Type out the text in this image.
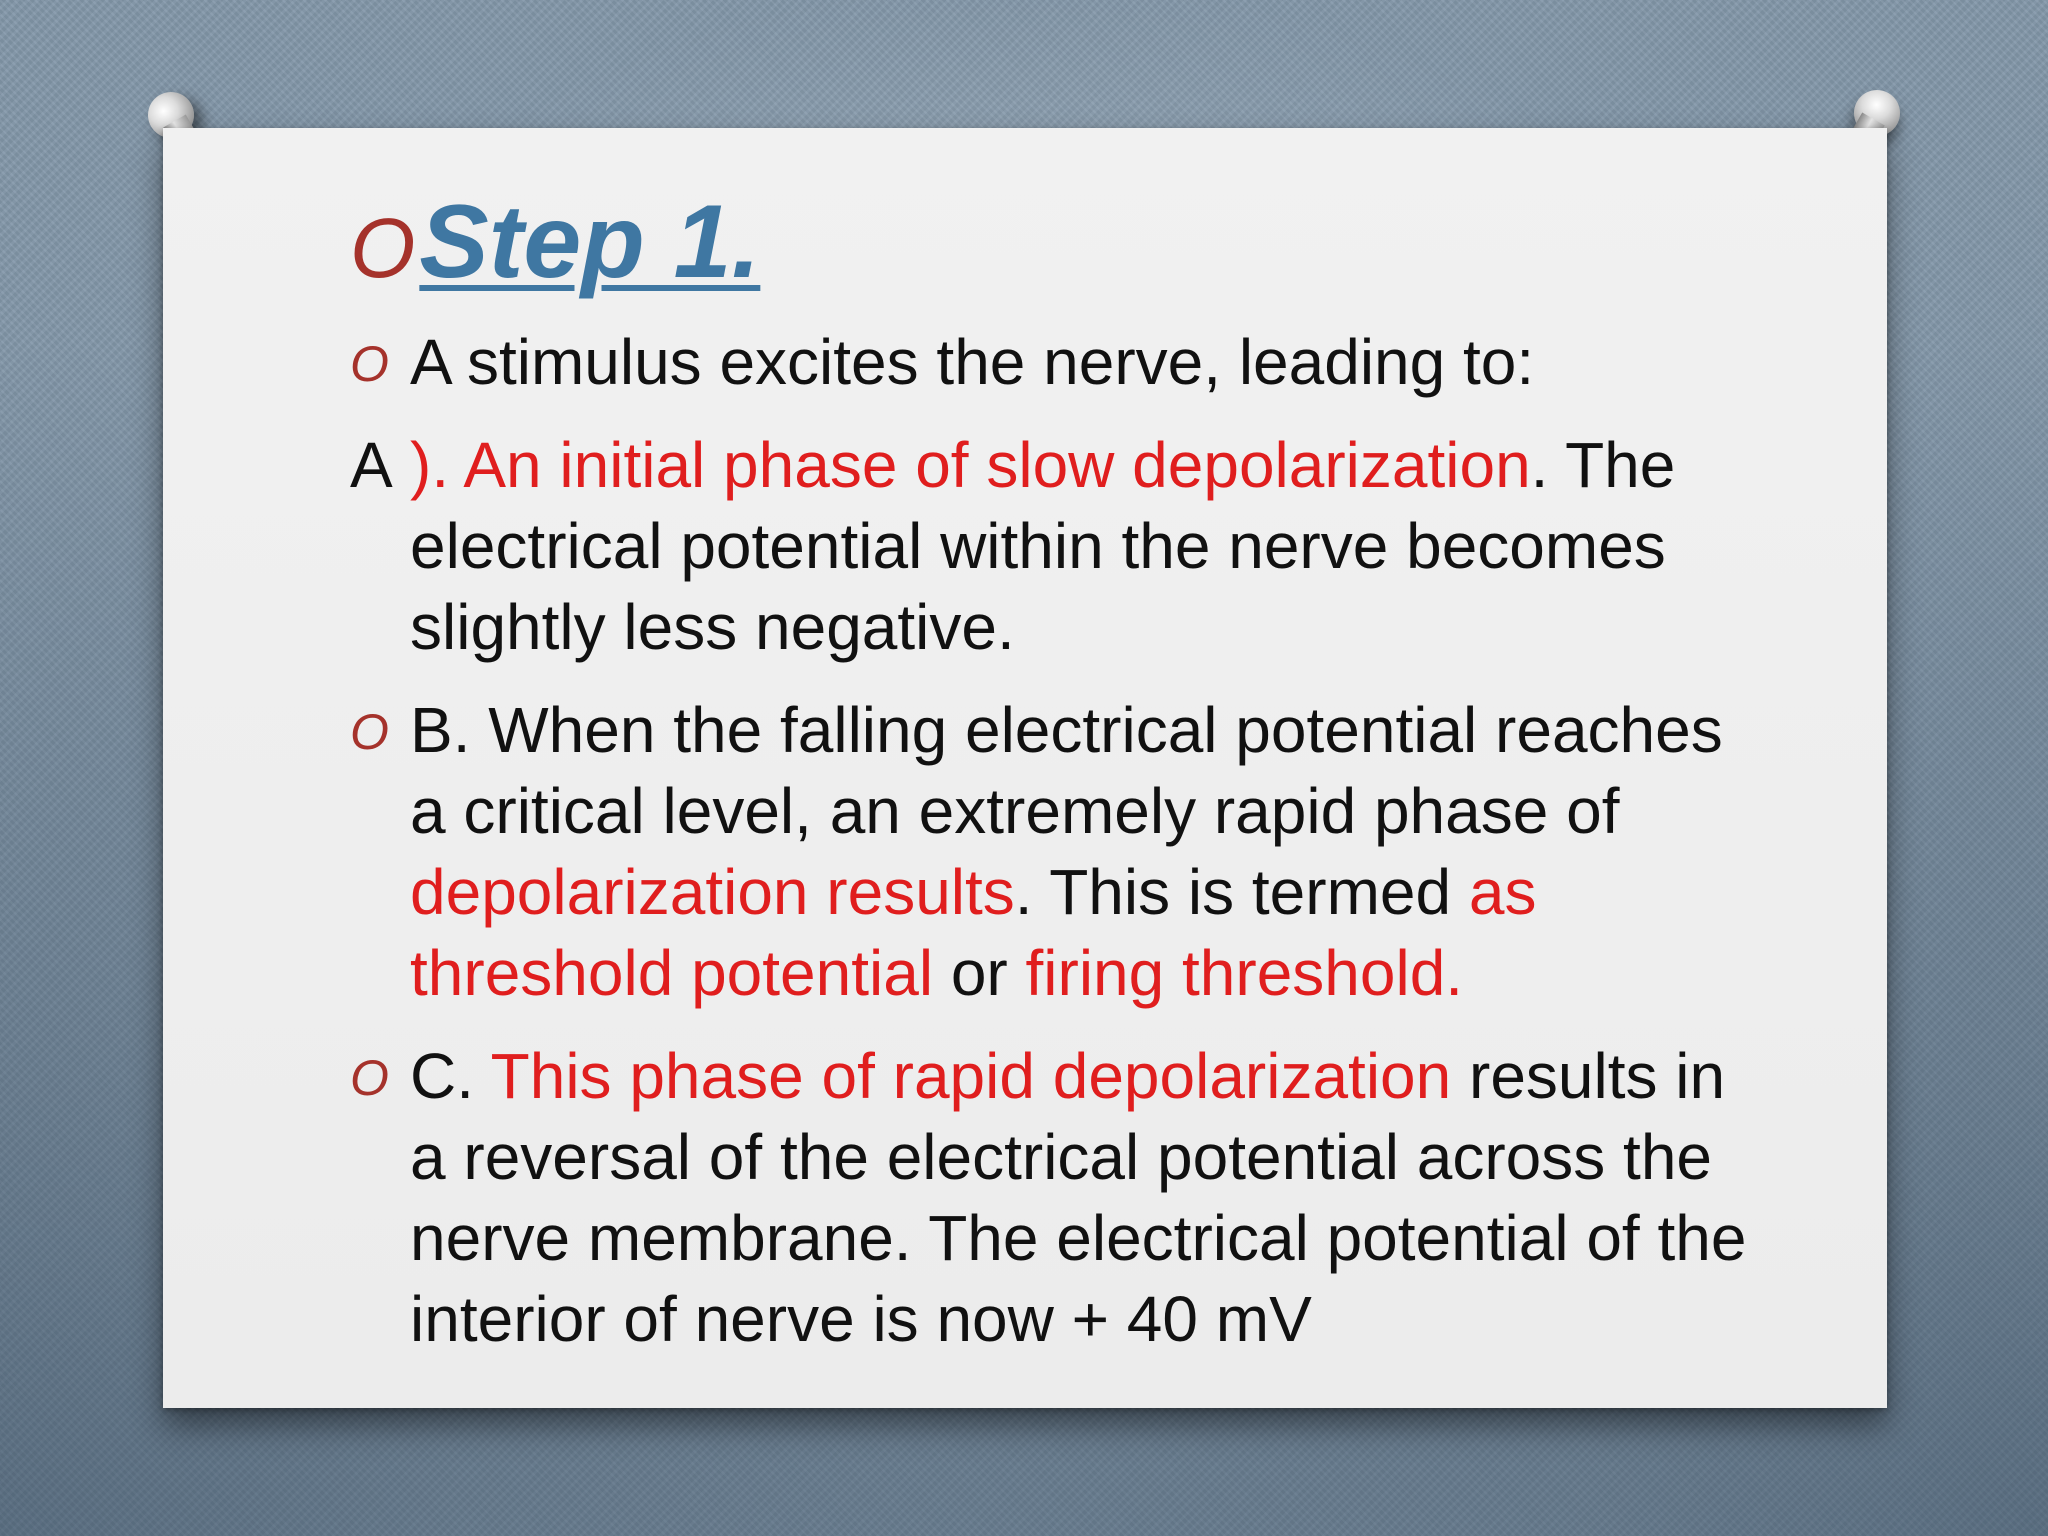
O Step 1.
O A stimulus excites the nerve, leading to:
A ). An initial phase of slow depolarization. The electrical potential within the nerve becomes slightly less negative.
O B. When the falling electrical potential reaches a critical level, an extremely rapid phase of depolarization results. This is termed as threshold potential or firing threshold.
O C. This phase of rapid depolarization results in a reversal of the electrical potential across the nerve membrane. The electrical potential of the interior of nerve is now + 40 mV
